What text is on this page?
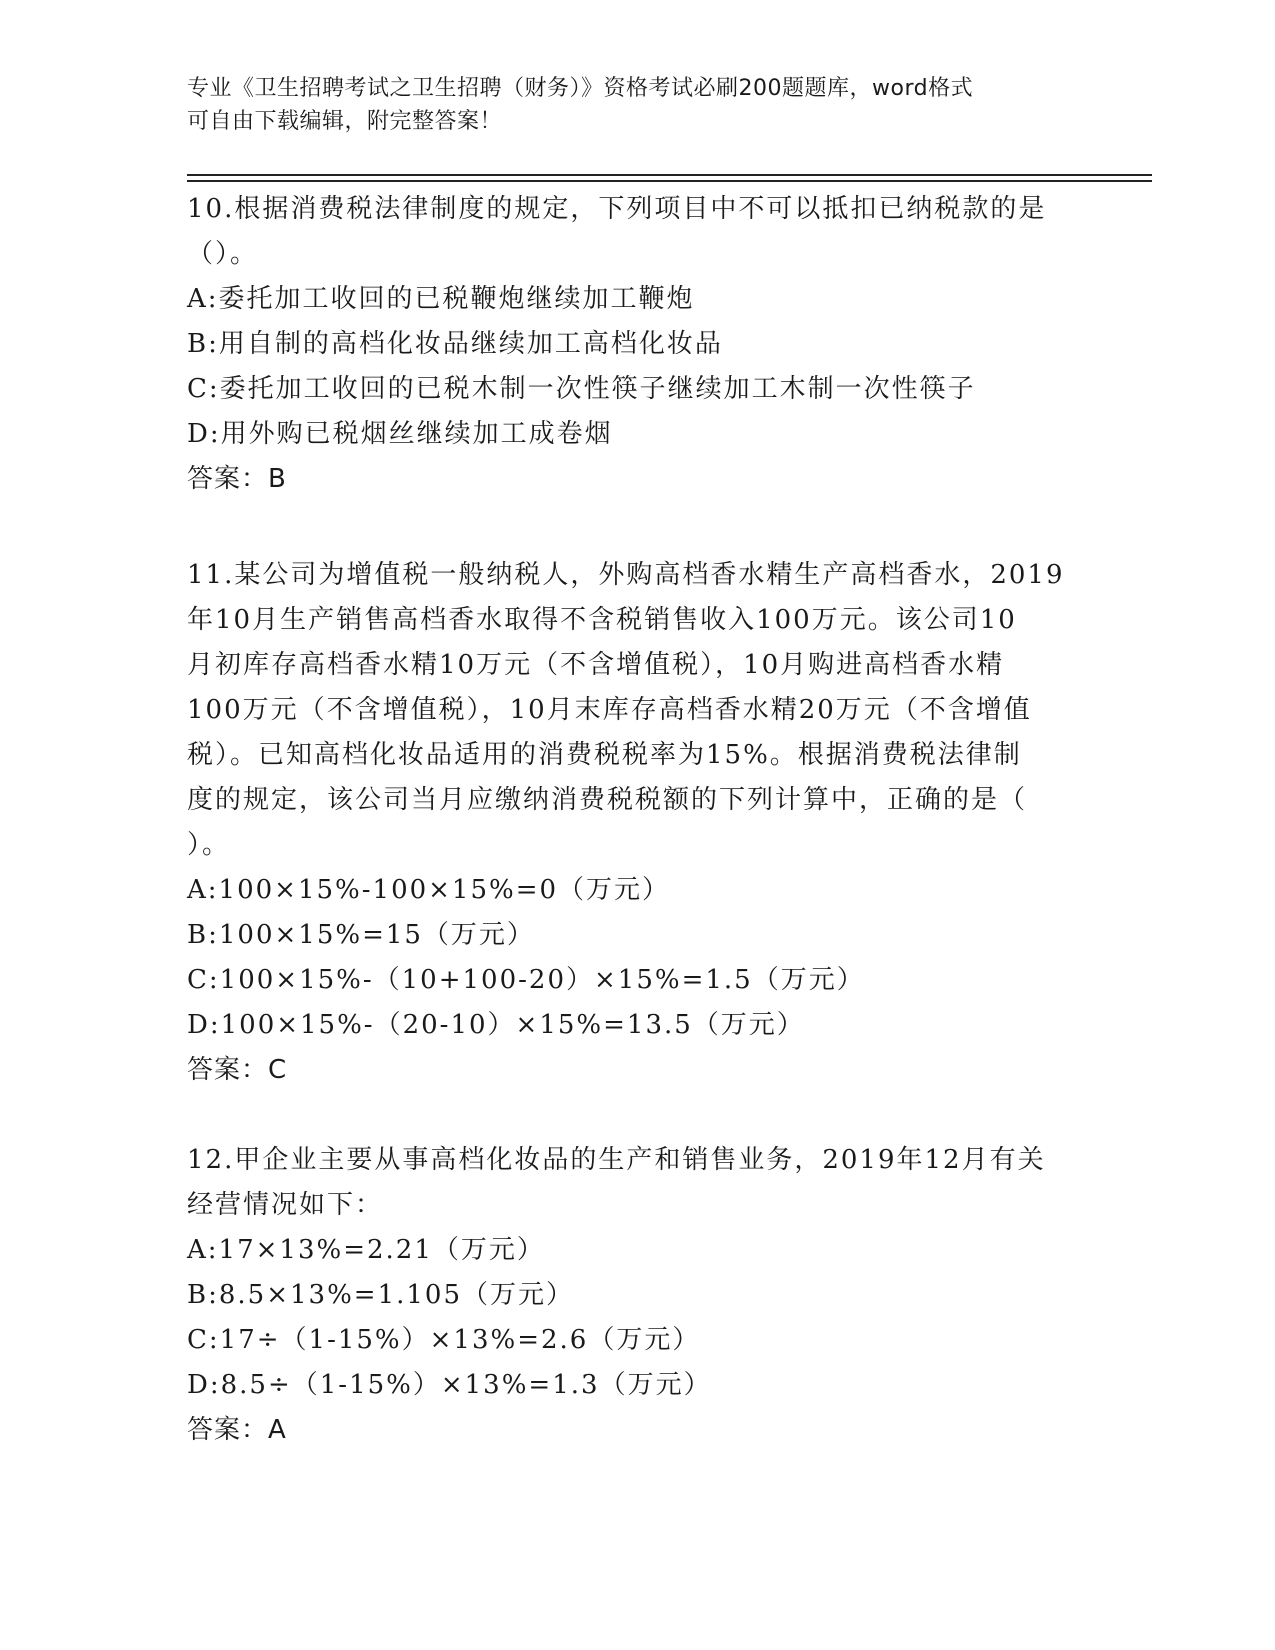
专业《卫生招聘考试之卫生招聘（财务）》资格考试必刷200题题库，word格式

可自由下载编辑，附完整答案！

10.根据消费税法律制度的规定，下列项目中不可以抵扣已纳税款的是

（）。

A:委托加工收回的已税鞭炮继续加工鞭炮

B:用自制的高档化妆品继续加工高档化妆品

C:委托加工收回的已税木制一次性筷子继续加工木制一次性筷子

D:用外购已税烟丝继续加工成卷烟

答案：B

11.某公司为增值税一般纳税人，外购高档香水精生产高档香水，2019

年10月生产销售高档香水取得不含税销售收入100万元。该公司10

月初库存高档香水精10万元（不含增值税），10月购进高档香水精

100万元（不含增值税），10月末库存高档香水精20万元（不含增值

税）。已知高档化妆品适用的消费税税率为15%。根据消费税法律制

度的规定，该公司当月应缴纳消费税税额的下列计算中，正确的是（

）。

A:100×15%-100×15%=0（万元）

B:100×15%=15（万元）

C:100×15%-（10+100-20）×15%=1.5（万元）

D:100×15%-（20-10）×15%=13.5（万元）

答案：C

12.甲企业主要从事高档化妆品的生产和销售业务，2019年12月有关

经营情况如下：

A:17×13%=2.21（万元）

B:8.5×13%=1.105（万元）

C:17÷（1-15%）×13%=2.6（万元）

D:8.5÷（1-15%）×13%=1.3（万元）

答案：A
